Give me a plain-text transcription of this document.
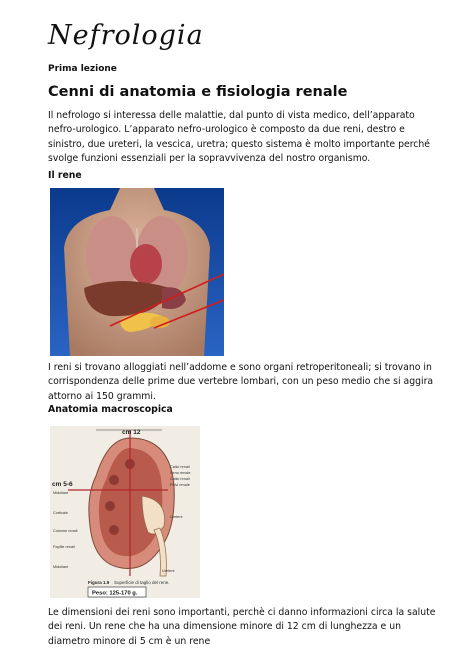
Nefrologia
Prima lezione
Cenni di anatomia e fisiologia renale
Il nefrologo si interessa delle malattie, dal punto di vista medico, dell’apparato nefro-urologico. L’apparato nefro-urologico è composto da due reni, destro e sinistro, due ureteri, la vescica, uretra; questo sistema è molto importante perché svolge funzioni essenziali per la sopravvivenza del nostro organismo.
Il rene
I reni si trovano alloggiati nell’addome e sono organi retroperitoneali; si trovano in corrispondenza delle prime due vertebre lombari, con un peso medio che si aggira attorno ai 150 grammi.
Anatomia macroscopica
cm 12
cm 5-6
Calici renali
Seno renale
Calici renali
Pelvi renale
Uretere
Midollare
Corticale
Colonne renali
Papille renali
Midollare
Uretere
Figura 1.9 Superficie di taglio del rene.
Peso: 125-170 g.
Le dimensioni dei reni sono importanti, perchè ci danno informazioni circa la salute dei reni. Un rene che ha una dimensione minore di 12 cm di lunghezza e un diametro minore di 5 cm è un rene
